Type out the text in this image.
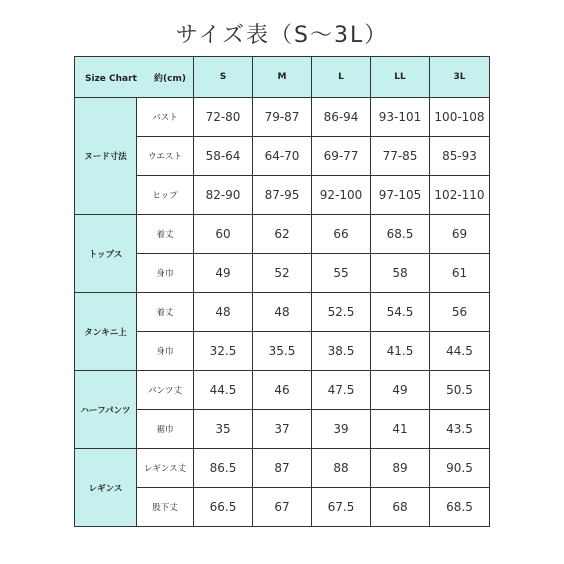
サイズ表（S～3L）
Size Chart 約(cm)		S	M	L	LL	3L
ヌード寸法	バスト	72-80	79-87	86-94	93-101	100-108
	ウエスト	58-64	64-70	69-77	77-85	85-93
	ヒップ	82-90	87-95	92-100	97-105	102-110
トップス	着丈	60	62	66	68.5	69
	身巾	49	52	55	58	61
タンキニ上	着丈	48	48	52.5	54.5	56
	身巾	32.5	35.5	38.5	41.5	44.5
ハーフパンツ	パンツ丈	44.5	46	47.5	49	50.5
	裾巾	35	37	39	41	43.5
レギンス	レギンス丈	86.5	87	88	89	90.5
	股下丈	66.5	67	67.5	68	68.5
